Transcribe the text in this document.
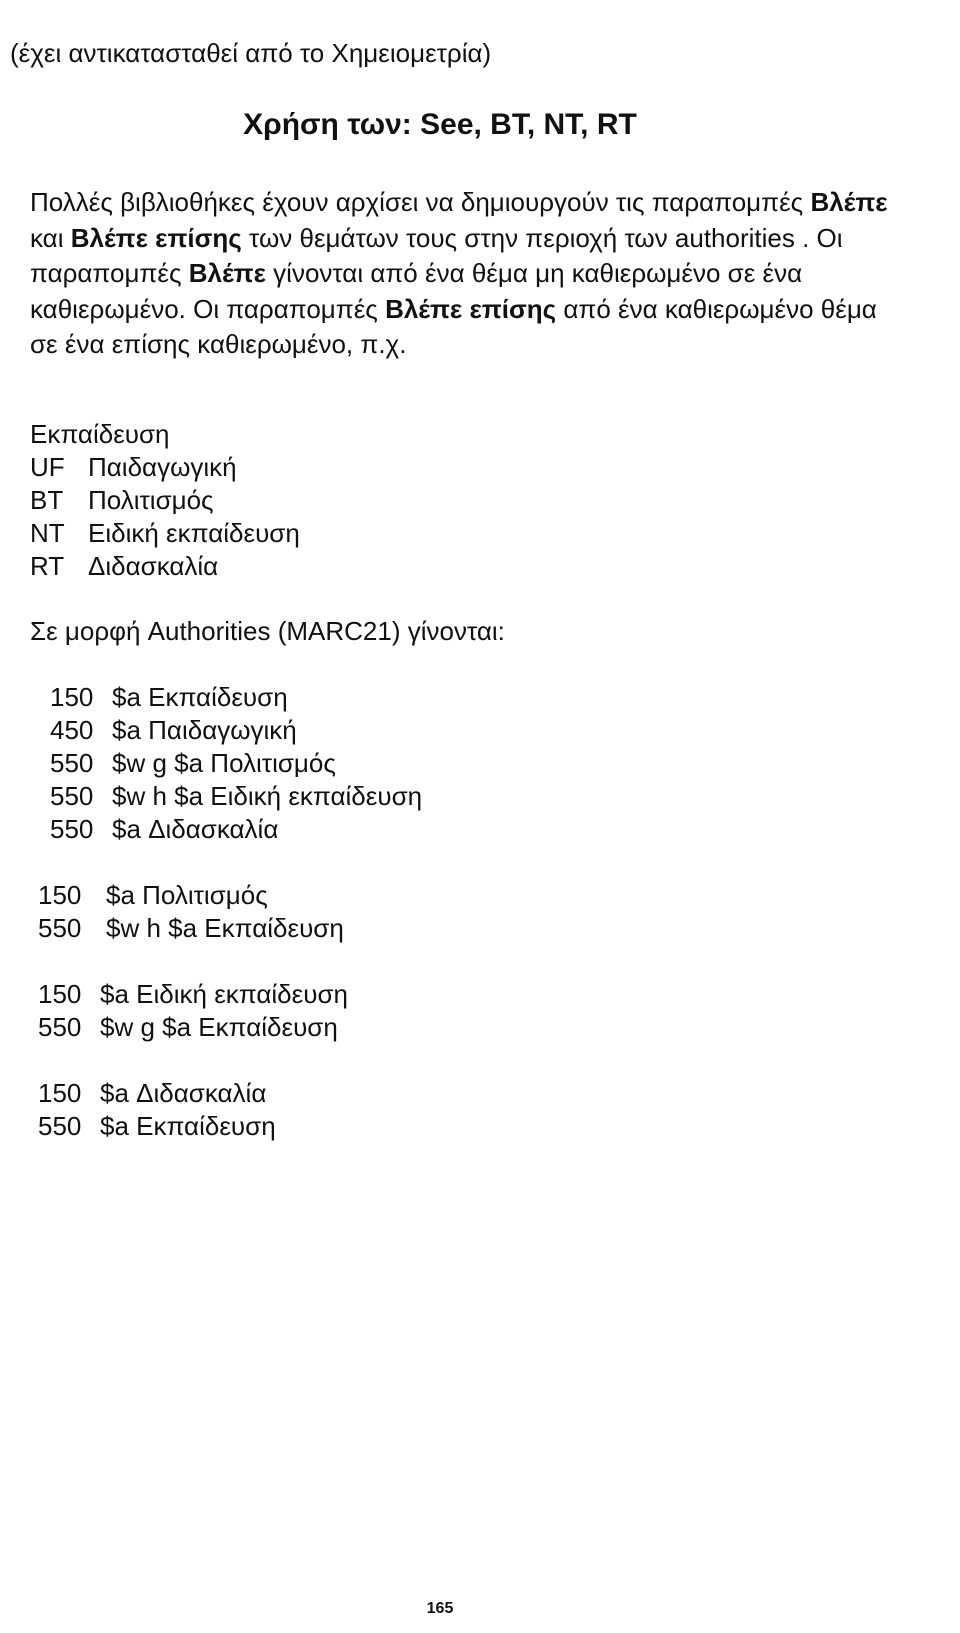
(έχει αντικατασταθεί από το Χημειομετρία)
Χρήση των: See, BT, NT, RT
Πολλές βιβλιοθήκες έχουν αρχίσει να δημιουργούν τις παραπομπές Βλέπε και Βλέπε επίσης των θεμάτων τους στην περιοχή των authorities . Οι παραπομπές Βλέπε γίνονται από ένα θέμα μη καθιερωμένο σε ένα καθιερωμένο. Οι παραπομπές Βλέπε επίσης από ένα καθιερωμένο θέμα σε ένα επίσης καθιερωμένο, π.χ.
Εκπαίδευση
UF Παιδαγωγική
BT Πολιτισμός
NT Ειδική εκπαίδευση
RT Διδασκαλία
Σε μορφή Authorities (MARC21) γίνονται:
150 $a Εκπαίδευση
450 $a Παιδαγωγική
550 $w g $a Πολιτισμός
550 $w h $a Ειδική εκπαίδευση
550 $a Διδασκαλία
150 $a Πολιτισμός
550 $w h $a Εκπαίδευση
150 $a Ειδική εκπαίδευση
550 $w g $a Εκπαίδευση
150 $a Διδασκαλία
550 $a Εκπαίδευση
165
